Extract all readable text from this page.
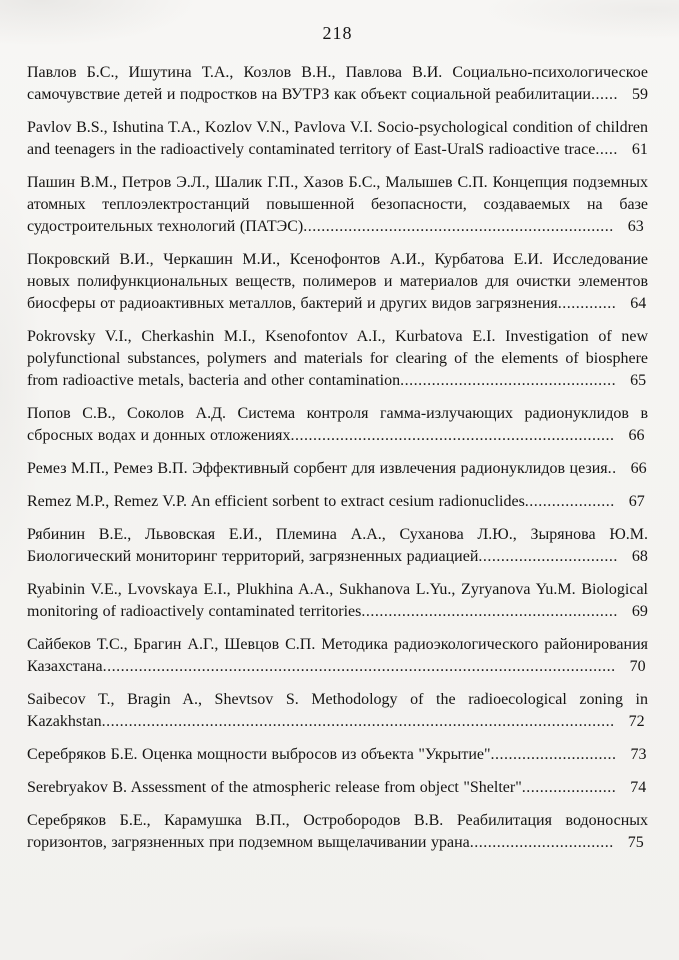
218

Павлов Б.С., Ишутина Т.А., Козлов В.Н., Павлова В.И. Социально-психологическое самочувствие детей и подростков на ВУТРЗ как объект социальной реабилитации...... 59

Pavlov B.S., Ishutina T.A., Kozlov V.N., Pavlova V.I. Socio-psychological condition of children and teenagers in the radioactively contaminated territory of East-UralS radioactive trace..... 61

Пашин В.М., Петров Э.Л., Шалик Г.П., Хазов Б.С., Малышев С.П. Концепция подземных атомных теплоэлектростанций повышенной безопасности, создаваемых на базе судостроительных технологий (ПАТЭС)..................................................................... 63

Покровский В.И., Черкашин М.И., Ксенофонтов А.И., Курбатова Е.И. Исследование новых полифункциональных веществ, полимеров и материалов для очистки элементов биосферы от радиоактивных металлов, бактерий и других видов загрязнения............. 64

Pokrovsky V.I., Cherkashin M.I., Ksenofontov A.I., Kurbatova E.I. Investigation of new polyfunctional substances, polymers and materials for clearing of the elements of biosphere from radioactive metals, bacteria and other contamination................................................ 65

Попов С.В., Соколов А.Д. Система контроля гамма-излучающих радионуклидов в сбросных водах и донных отложениях........................................................................ 66

Ремез М.П., Ремез В.П. Эффективный сорбент для извлечения радионуклидов цезия.. 66

Remez M.P., Remez V.P. An efficient sorbent to extract cesium radionuclides.................... 67

Рябинин В.Е., Львовская Е.И., Племина А.А., Суханова Л.Ю., Зырянова Ю.М. Биологический мониторинг территорий, загрязненных радиацией............................... 68

Ryabinin V.E., Lvovskaya E.I., Plukhina A.A., Sukhanova L.Yu., Zyryanova Yu.M. Biological monitoring of radioactively contaminated territories......................................................... 69

Сайбеков Т.С., Брагин А.Г., Шевцов С.П. Методика радиоэкологического районирования Казахстана.................................................................................................................. 70

Saibecov T., Bragin A., Shevtsov S. Methodology of the radioecological zoning in Kazakhstan.................................................................................................................. 72

Серебряков Б.Е. Оценка мощности выбросов из объекта "Укрытие"............................ 73

Serebryakov B. Assessment of the atmospheric release from object "Shelter"..................... 74

Серебряков Б.Е., Карамушка В.П., Остробородов В.В. Реабилитация водоносных горизонтов, загрязненных при подземном выщелачивании урана................................ 75
